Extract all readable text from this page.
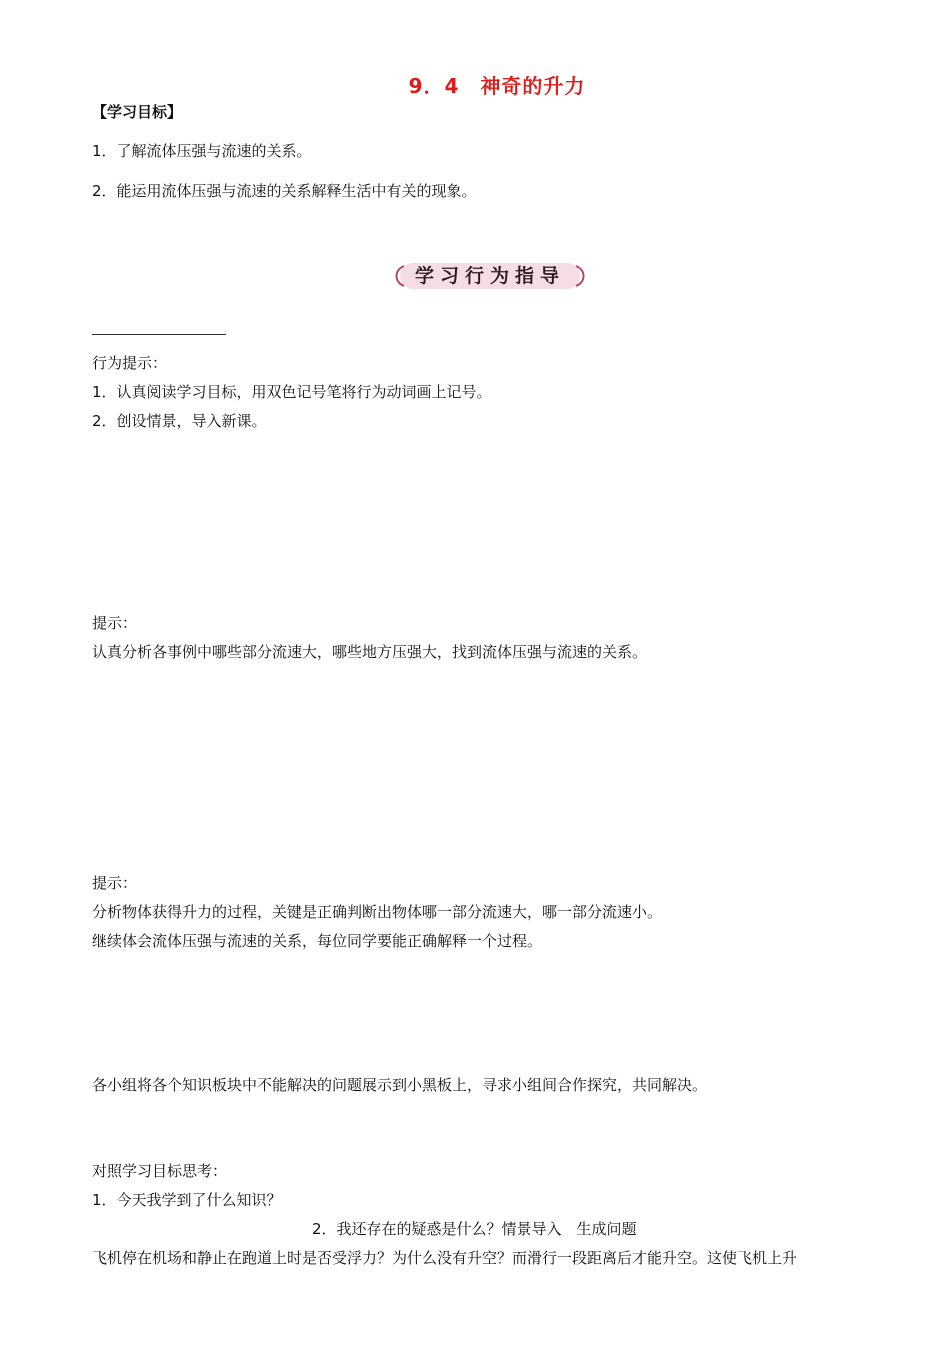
9．4　神奇的升力
【学习目标】
1．了解流体压强与流速的关系。
2．能运用流体压强与流速的关系解释生活中有关的现象。
学习行为指导
行为提示：
1．认真阅读学习目标，用双色记号笔将行为动词画上记号。
2．创设情景，导入新课。
提示：
认真分析各事例中哪些部分流速大，哪些地方压强大，找到流体压强与流速的关系。
提示：
分析物体获得升力的过程，关键是正确判断出物体哪一部分流速大，哪一部分流速小。
继续体会流体压强与流速的关系，每位同学要能正确解释一个过程。
各小组将各个知识板块中不能解决的问题展示到小黑板上，寻求小组间合作探究，共同解决。
对照学习目标思考：
1．今天我学到了什么知识？
2．我还存在的疑惑是什么？情景导入　生成问题
飞机停在机场和静止在跑道上时是否受浮力？为什么没有升空？而滑行一段距离后才能升空。这使飞机上升
